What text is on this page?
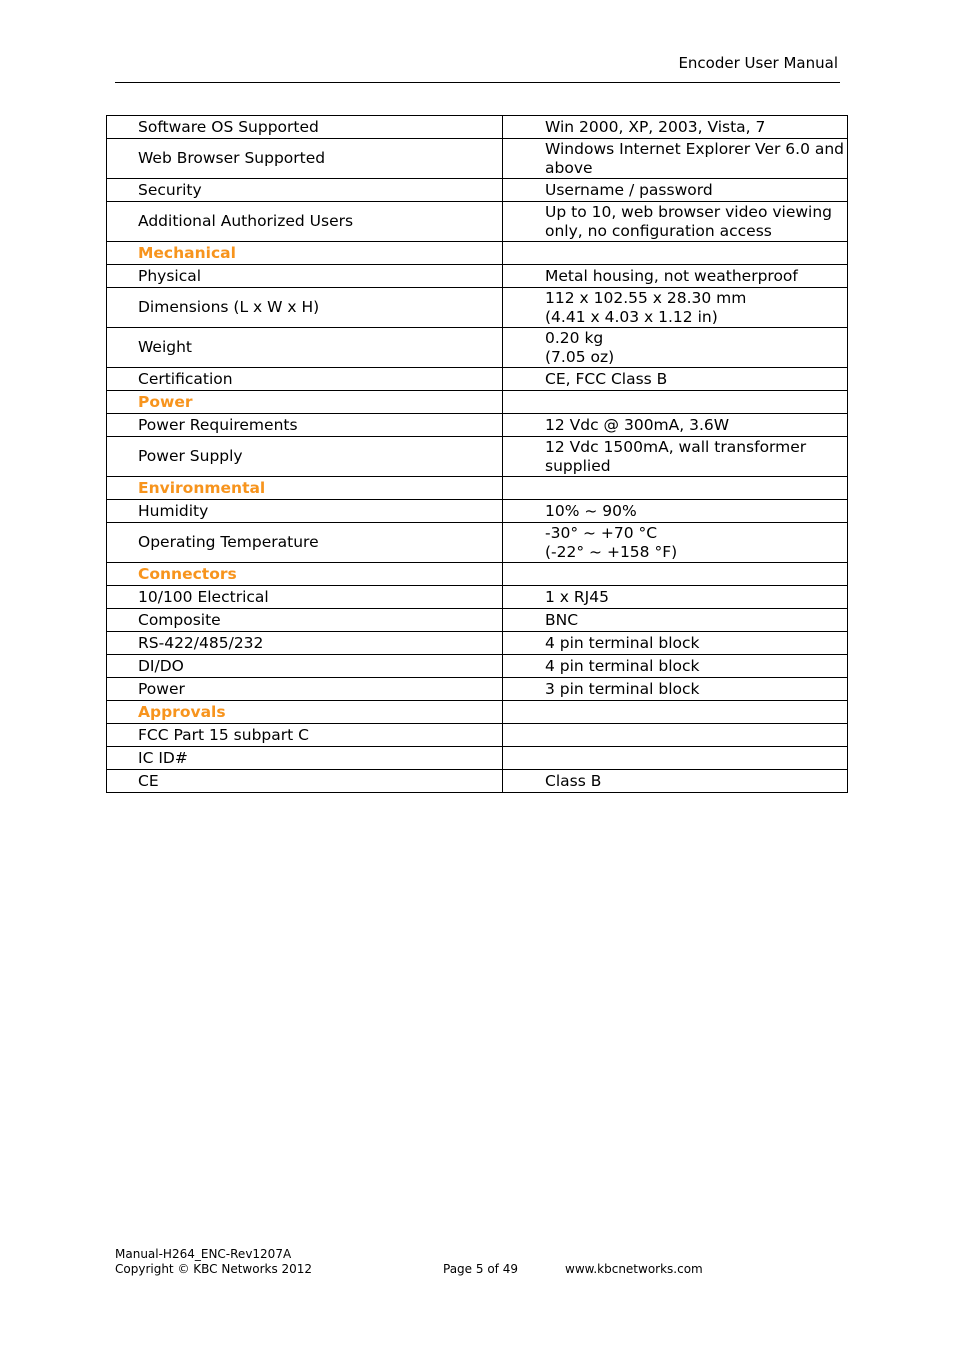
Encoder User Manual
Software OS Supported	Win 2000, XP, 2003, Vista, 7
Web Browser Supported	Windows Internet Explorer Ver 6.0 and above
Security	Username / password
Additional Authorized Users	Up to 10, web browser video viewing only, no configuration access
Mechanical	
Physical	Metal housing, not weatherproof
Dimensions (L x W x H)	112 x 102.55 x 28.30 mm
(4.41 x 4.03 x 1.12 in)

Weight	0.20 kg
(7.05 oz)

Certification	CE, FCC Class B
Power	
Power Requirements	12 Vdc @ 300mA, 3.6W
Power Supply	12 Vdc 1500mA, wall transformer supplied
Environmental	
Humidity	10% ~ 90%
Operating Temperature	-30° ~ +70 °C
(-22° ~ +158 °F)

Connectors	
10/100 Electrical	1 x RJ45
Composite	BNC
RS-422/485/232	4 pin terminal block
DI/DO	4 pin terminal block
Power	3 pin terminal block
Approvals	
FCC Part 15 subpart C	
IC ID#	
CE	Class B
Manual-H264_ENC-Rev1207A
Copyright © KBC Networks 2012	Page 5 of 49	www.kbcnetworks.com
